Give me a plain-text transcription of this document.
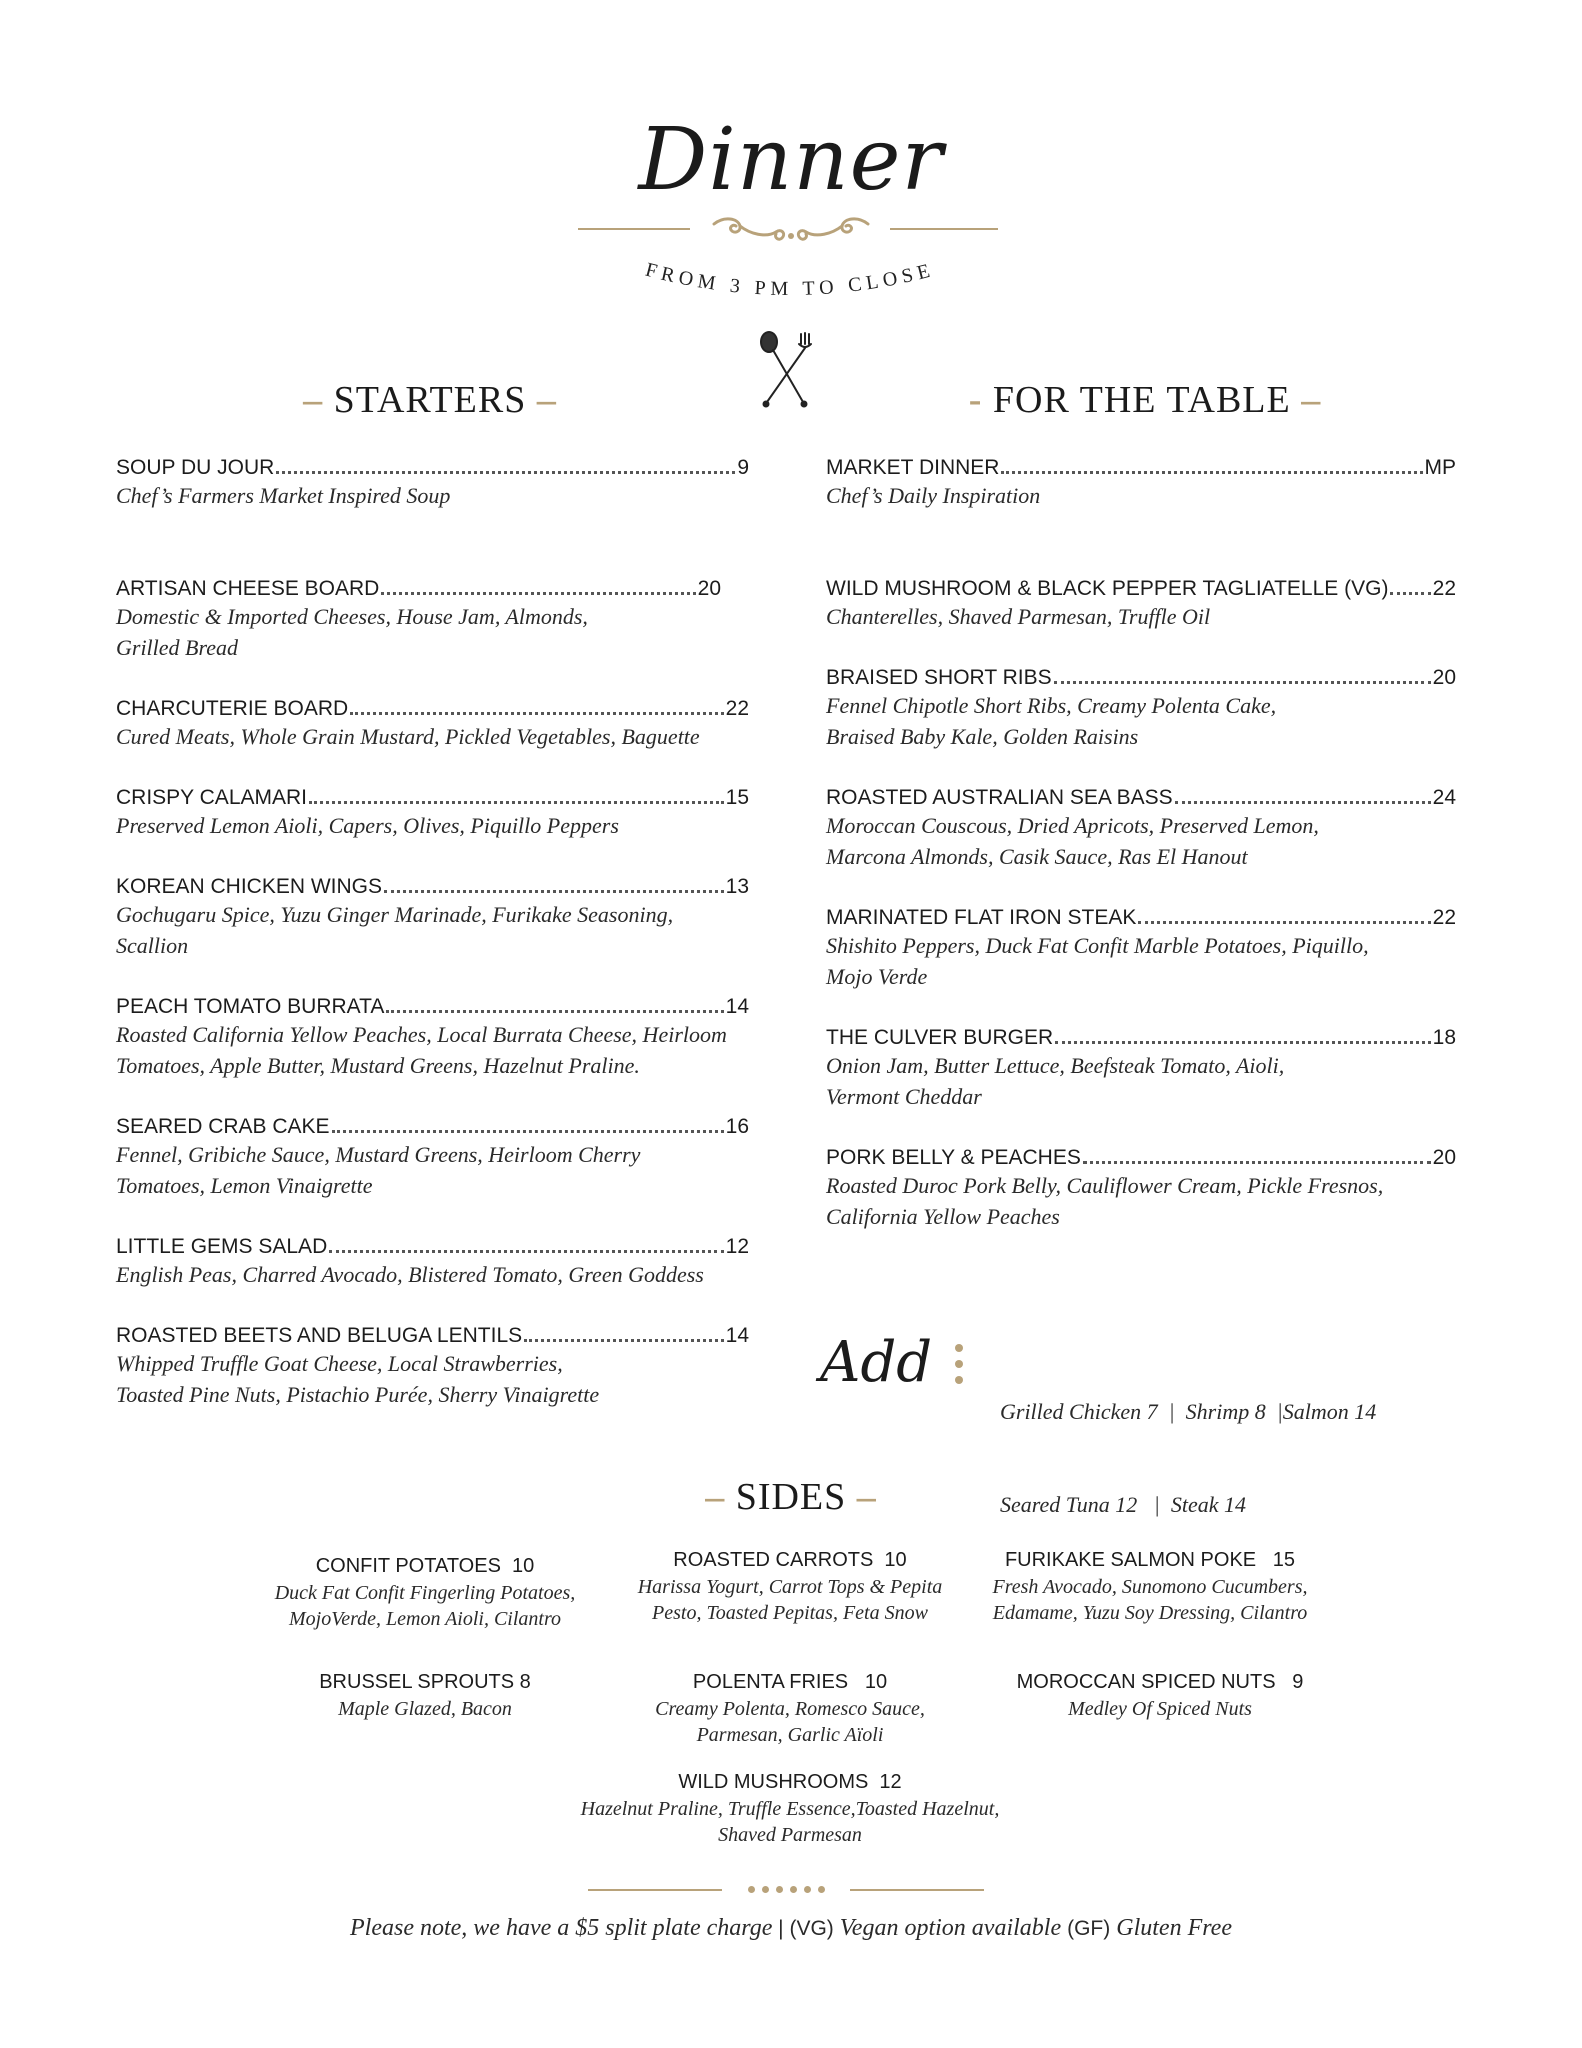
Dinner
FROM 3 PM TO CLOSE
– STARTERS –	- FOR THE TABLE –
SOUP DU JOUR	9
Chef’s Farmers Market Inspired Soup
ARTISAN CHEESE BOARD	20
Domestic & Imported Cheeses, House Jam, Almonds,
Grilled Bread
CHARCUTERIE BOARD	22
Cured Meats, Whole Grain Mustard, Pickled Vegetables, Baguette
CRISPY CALAMARI	15
Preserved Lemon Aioli, Capers, Olives, Piquillo Peppers
KOREAN CHICKEN WINGS	13
Gochugaru Spice, Yuzu Ginger Marinade, Furikake Seasoning,
Scallion
PEACH TOMATO BURRATA	14
Roasted California Yellow Peaches, Local Burrata Cheese, Heirloom
Tomatoes, Apple Butter, Mustard Greens, Hazelnut Praline.
SEARED CRAB CAKE	16
Fennel, Gribiche Sauce, Mustard Greens, Heirloom Cherry
Tomatoes, Lemon Vinaigrette
LITTLE GEMS SALAD	12
English Peas, Charred Avocado, Blistered Tomato, Green Goddess
ROASTED BEETS AND BELUGA LENTILS	14
Whipped Truffle Goat Cheese, Local Strawberries,
Toasted Pine Nuts, Pistachio Purée, Sherry Vinaigrette
MARKET DINNER	MP
Chef’s Daily Inspiration
WILD MUSHROOM & BLACK PEPPER TAGLIATELLE (VG) 22
Chanterelles, Shaved Parmesan, Truffle Oil
BRAISED SHORT RIBS	20
Fennel Chipotle Short Ribs, Creamy Polenta Cake,
Braised Baby Kale, Golden Raisins
ROASTED AUSTRALIAN SEA BASS	24
Moroccan Couscous, Dried Apricots, Preserved Lemon,
Marcona Almonds, Casik Sauce, Ras El Hanout
MARINATED FLAT IRON STEAK	22
Shishito Peppers, Duck Fat Confit Marble Potatoes, Piquillo,
Mojo Verde
THE CULVER BURGER	18
Onion Jam, Butter Lettuce, Beefsteak Tomato, Aioli,
Vermont Cheddar
PORK BELLY & PEACHES	20
Roasted Duroc Pork Belly, Cauliflower Cream, Pickle Fresnos,
California Yellow Peaches
Add

Grilled Chicken 7  |  Shrimp 8  |Salmon 14

Seared Tuna 12   |  Steak 14

– SIDES –
CONFIT POTATOES  10
Duck Fat Confit Fingerling Potatoes,
MojoVerde, Lemon Aioli, Cilantro
ROASTED CARROTS  10
Harissa Yogurt, Carrot Tops & Pepita
Pesto, Toasted Pepitas, Feta Snow
FURIKAKE SALMON POKE   15
Fresh Avocado, Sunomono Cucumbers,
Edamame, Yuzu Soy Dressing, Cilantro
BRUSSEL SPROUTS 8
Maple Glazed, Bacon
POLENTA FRIES   10
Creamy Polenta, Romesco Sauce,
Parmesan, Garlic Aïoli
MOROCCAN SPICED NUTS   9
Medley Of Spiced Nuts
WILD MUSHROOMS  12
Hazelnut Praline, Truffle Essence,Toasted Hazelnut,
Shaved Parmesan
Please note, we have a $5 split plate charge | (VG) Vegan option available (GF) Gluten Free
